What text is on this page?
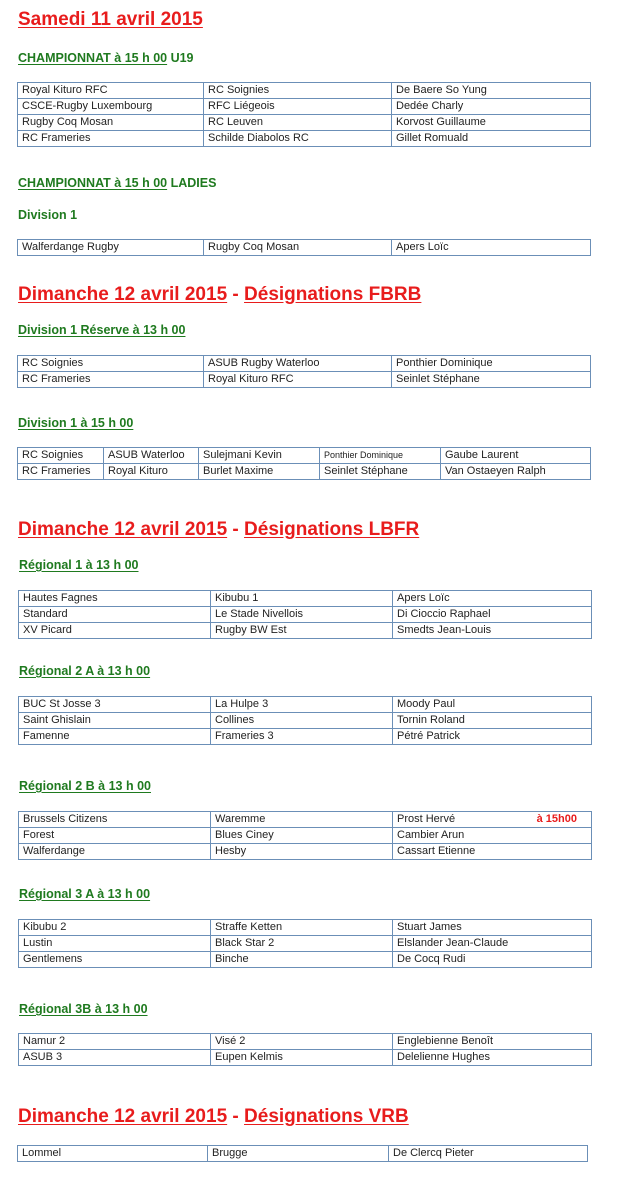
Samedi 11 avril 2015
CHAMPIONNAT à 15 h 00 U19
Royal Kituro RFC	RC Soignies	De Baere So Yung
CSCE-Rugby Luxembourg	RFC Liégeois	Dedée Charly
Rugby Coq Mosan	RC Leuven	Korvost Guillaume
RC Frameries	Schilde Diabolos RC	Gillet Romuald
CHAMPIONNAT à 15 h 00 LADIES
Division 1
Walferdange Rugby	Rugby Coq Mosan	Apers Loïc
Dimanche 12 avril 2015 - Désignations FBRB
Division 1 Réserve à 13 h 00
RC Soignies	ASUB Rugby Waterloo	Ponthier Dominique
RC Frameries	Royal Kituro RFC	Seinlet Stéphane
Division 1 à 15 h 00
RC Soignies	ASUB Waterloo	Sulejmani Kevin	Ponthier Dominique	Gaube Laurent
RC Frameries	Royal Kituro	Burlet Maxime	Seinlet Stéphane	Van Ostaeyen Ralph
Dimanche 12 avril 2015 - Désignations LBFR
Régional 1 à 13 h 00
Hautes Fagnes	Kibubu 1	Apers Loïc
Standard	Le Stade Nivellois	Di Cioccio Raphael
XV Picard	Rugby BW Est	Smedts Jean-Louis
Régional 2 A à 13 h 00
BUC St Josse 3	La Hulpe 3	Moody Paul
Saint Ghislain	Collines	Tornin Roland
Famenne	Frameries 3	Pétré Patrick
Régional 2 B à 13 h 00
Brussels Citizens	Waremme	Prost Hervé à 15h00

Forest	Blues Ciney	Cambier Arun
Walferdange	Hesby	Cassart Etienne
Régional 3 A à 13 h 00
Kibubu 2	Straffe Ketten	Stuart James
Lustin	Black Star 2	Elslander Jean-Claude
Gentlemens	Binche	De Cocq Rudi
Régional 3B à 13 h 00
Namur 2	Visé 2	Englebienne Benoît
ASUB 3	Eupen Kelmis	Delelienne Hughes
Dimanche 12 avril 2015 - Désignations VRB
Lommel	Brugge	De Clercq Pieter
